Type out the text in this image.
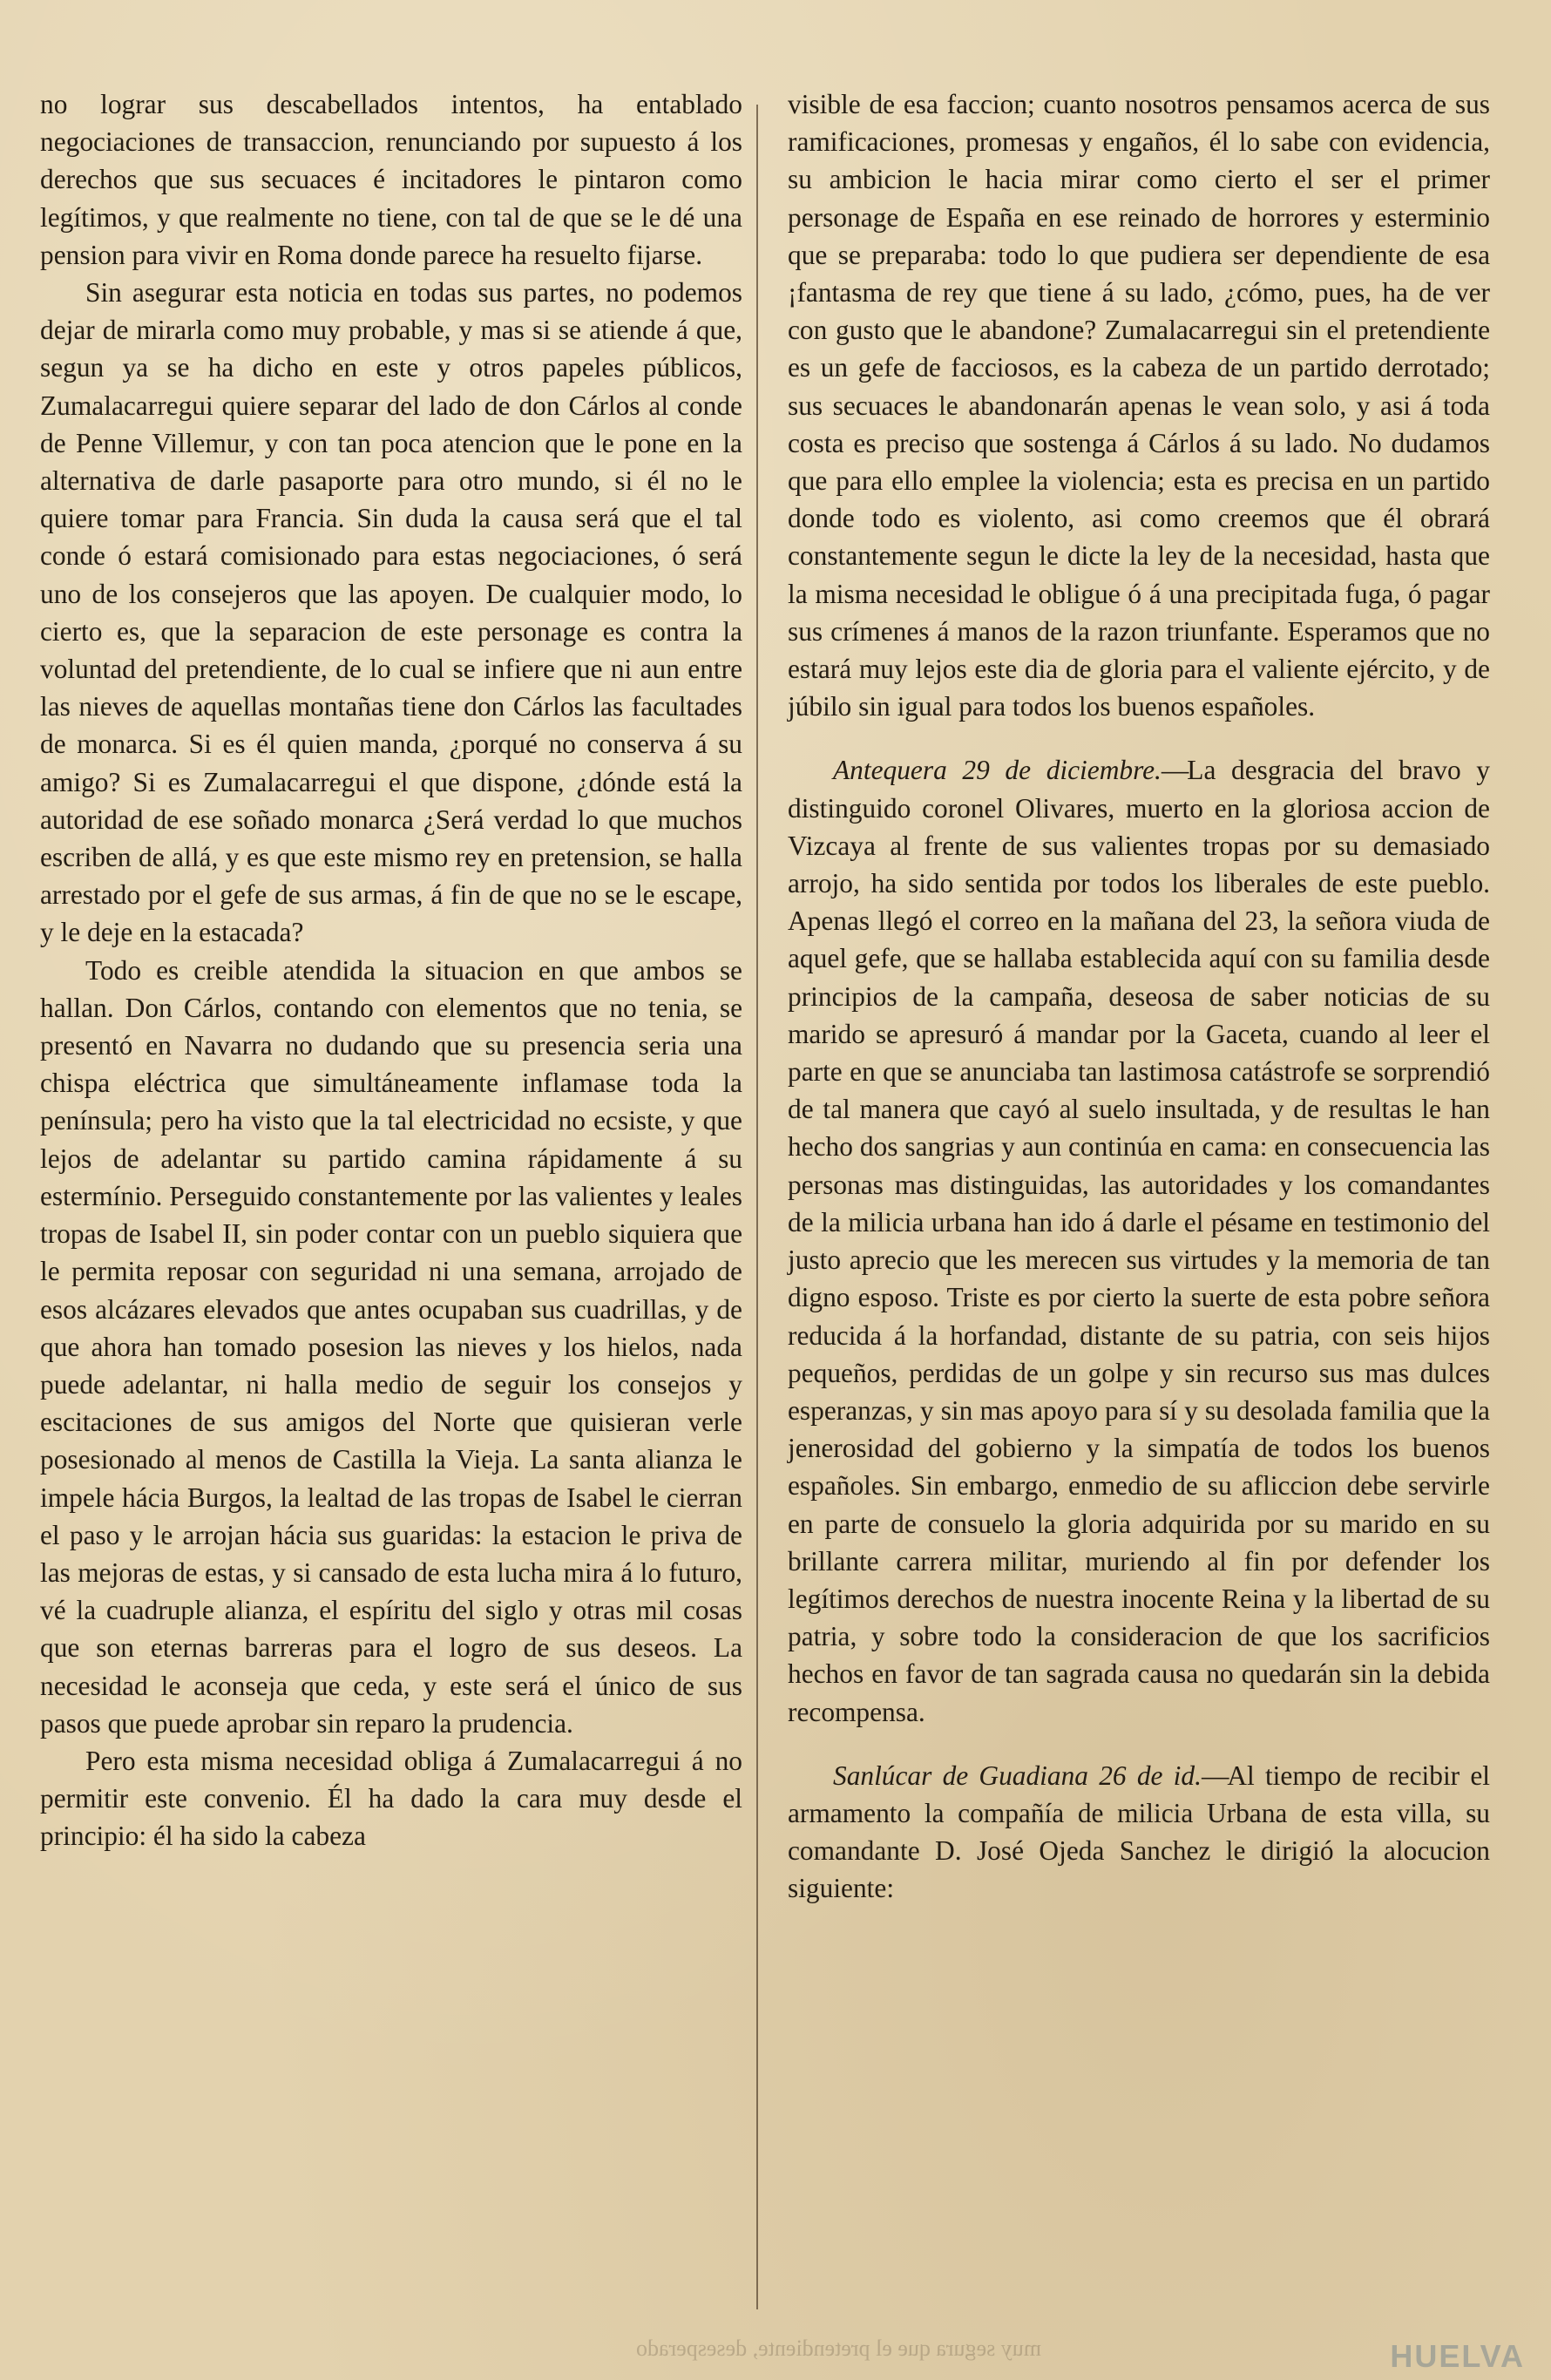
no lograr sus descabellados intentos, ha entablado negociaciones de transaccion, renunciando por supuesto á los derechos que sus secuaces é incitadores le pintaron como legítimos, y que realmente no tiene, con tal de que se le dé una pension para vivir en Roma donde parece ha resuelto fijarse.

Sin asegurar esta noticia en todas sus partes, no podemos dejar de mirarla como muy probable, y mas si se atiende á que, segun ya se ha dicho en este y otros papeles públicos, Zumalacarregui quiere separar del lado de don Cárlos al conde de Penne Villemur, y con tan poca atencion que le pone en la alternativa de darle pasaporte para otro mundo, si él no le quiere tomar para Francia. Sin duda la causa será que el tal conde ó estará comisionado para estas negociaciones, ó será uno de los consejeros que las apoyen. De cualquier modo, lo cierto es, que la separacion de este personage es contra la voluntad del pretendiente, de lo cual se infiere que ni aun entre las nieves de aquellas montañas tiene don Cárlos las facultades de monarca. Si es él quien manda, ¿porqué no conserva á su amigo? Si es Zumalacarregui el que dispone, ¿dónde está la autoridad de ese soñado monarca ¿Será verdad lo que muchos escriben de allá, y es que este mismo rey en pretension, se halla arrestado por el gefe de sus armas, á fin de que no se le escape, y le deje en la estacada?

Todo es creible atendida la situacion en que ambos se hallan. Don Cárlos, contando con elementos que no tenia, se presentó en Navarra no dudando que su presencia seria una chispa eléctrica que simultáneamente inflamase toda la península; pero ha visto que la tal electricidad no ecsiste, y que lejos de adelantar su partido camina rápidamente á su estermínio. Perseguido constantemente por las valientes y leales tropas de Isabel II, sin poder contar con un pueblo siquiera que le permita reposar con seguridad ni una semana, arrojado de esos alcázares elevados que antes ocupaban sus cuadrillas, y de que ahora han tomado posesion las nieves y los hielos, nada puede adelantar, ni halla medio de seguir los consejos y escitaciones de sus amigos del Norte que quisieran verle posesionado al menos de Castilla la Vieja. La santa alianza le impele hácia Burgos, la lealtad de las tropas de Isabel le cierran el paso y le arrojan hácia sus guaridas: la estacion le priva de las mejoras de estas, y si cansado de esta lucha mira á lo futuro, vé la cuadruple alianza, el espíritu del siglo y otras mil cosas que son eternas barreras para el logro de sus deseos. La necesidad le aconseja que ceda, y este será el único de sus pasos que puede aprobar sin reparo la prudencia.

Pero esta misma necesidad obliga á Zumalacarregui á no permitir este convenio. Él ha dado la cara muy desde el principio: él ha sido la cabeza

visible de esa faccion; cuanto nosotros pensamos acerca de sus ramificaciones, promesas y engaños, él lo sabe con evidencia, su ambicion le hacia mirar como cierto el ser el primer personage de España en ese reinado de horrores y esterminio que se preparaba: todo lo que pudiera ser dependiente de esa ¡fantasma de rey que tiene á su lado, ¿cómo, pues, ha de ver con gusto que le abandone? Zumalacarregui sin el pretendiente es un gefe de facciosos, es la cabeza de un partido derrotado; sus secuaces le abandonarán apenas le vean solo, y asi á toda costa es preciso que sostenga á Cárlos á su lado. No dudamos que para ello emplee la violencia; esta es precisa en un partido donde todo es violento, asi como creemos que él obrará constantemente segun le dicte la ley de la necesidad, hasta que la misma necesidad le obligue ó á una precipitada fuga, ó pagar sus crímenes á manos de la razon triunfante. Esperamos que no estará muy lejos este dia de gloria para el valiente ejército, y de júbilo sin igual para todos los buenos españoles.

Antequera 29 de diciembre.—La desgracia del bravo y distinguido coronel Olivares, muerto en la gloriosa accion de Vizcaya al frente de sus valientes tropas por su demasiado arrojo, ha sido sentida por todos los liberales de este pueblo. Apenas llegó el correo en la mañana del 23, la señora viuda de aquel gefe, que se hallaba establecida aquí con su familia desde principios de la campaña, deseosa de saber noticias de su marido se apresuró á mandar por la Gaceta, cuando al leer el parte en que se anunciaba tan lastimosa catástrofe se sorprendió de tal manera que cayó al suelo insultada, y de resultas le han hecho dos sangrias y aun continúa en cama: en consecuencia las personas mas distinguidas, las autoridades y los comandantes de la milicia urbana han ido á darle el pésame en testimonio del justo aprecio que les merecen sus virtudes y la memoria de tan digno esposo. Triste es por cierto la suerte de esta pobre señora reducida á la horfandad, distante de su patria, con seis hijos pequeños, perdidas de un golpe y sin recurso sus mas dulces esperanzas, y sin mas apoyo para sí y su desolada familia que la jenerosidad del gobierno y la simpatía de todos los buenos españoles. Sin embargo, enmedio de su afliccion debe servirle en parte de consuelo la gloria adquirida por su marido en su brillante carrera militar, muriendo al fin por defender los legítimos derechos de nuestra inocente Reina y la libertad de su patria, y sobre todo la consideracion de que los sacrificios hechos en favor de tan sagrada causa no quedarán sin la debida recompensa.

Sanlúcar de Guadiana 26 de id.—Al tiempo de recibir el armamento la compañía de milicia Urbana de esta villa, su comandante D. José Ojeda Sanchez le dirigió la alocucion siguiente:

muy segura que el pretendiente, desesperado	HUELVA
